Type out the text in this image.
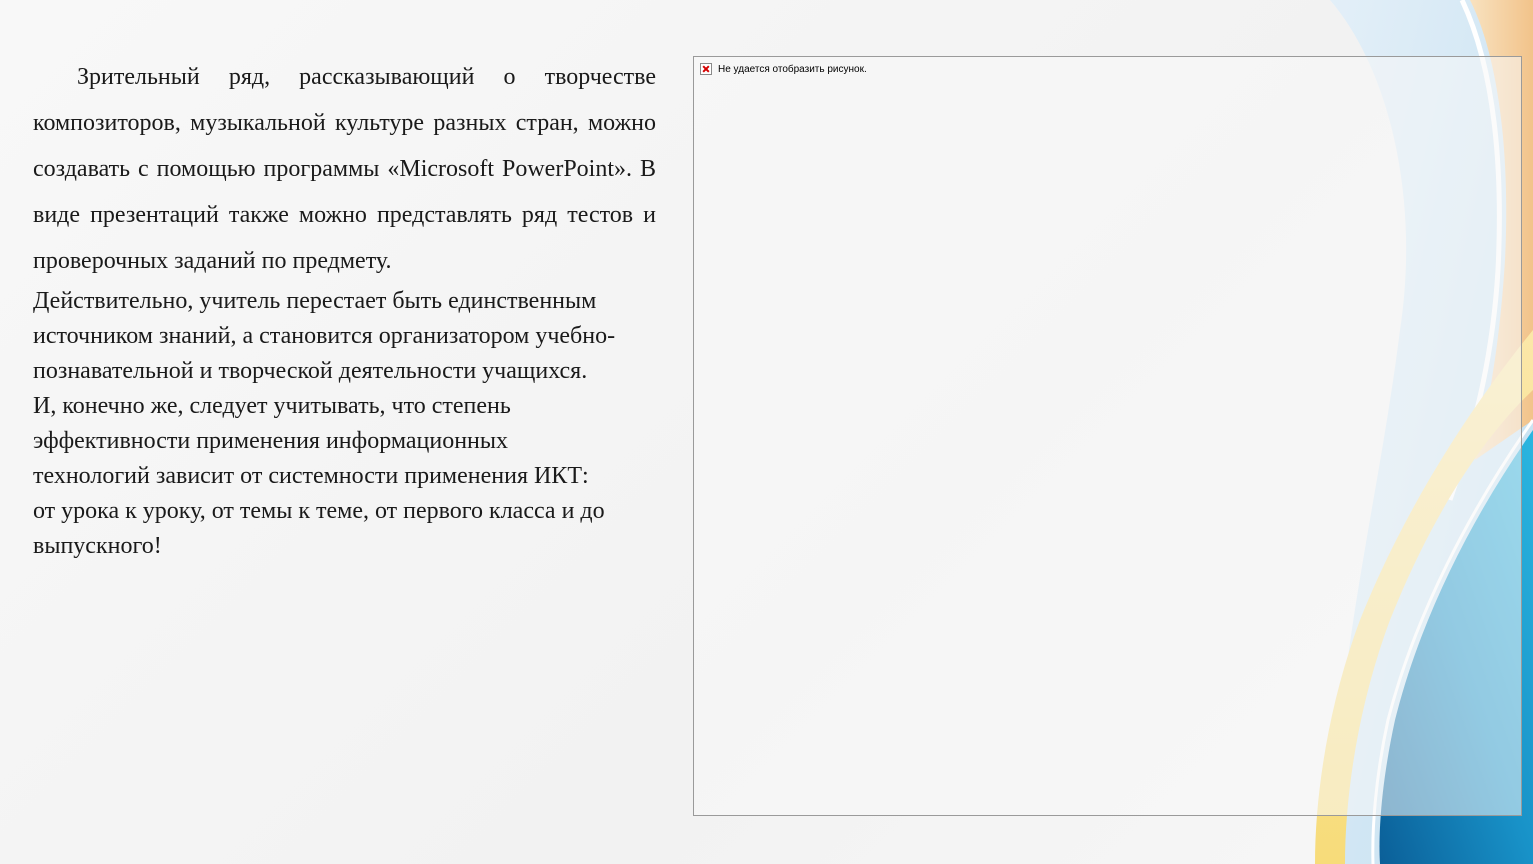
Зрительный ряд, рассказывающий о творчестве композиторов, музыкальной культуре разных стран, можно создавать с помощью программы «Microsoft PowerPoint». В виде презентаций также можно представлять ряд тестов и проверочных заданий по предмету.

Действительно, учитель перестает быть единственным
источником знаний, а становится организатором учебно-
познавательной и творческой деятельности учащихся.
И, конечно же, следует учитывать, что степень
эффективности применения информационных
технологий зависит от системности применения ИКТ:
от урока к уроку, от темы к теме, от первого класса и до
выпускного!

Не удается отобразить рисунок.
